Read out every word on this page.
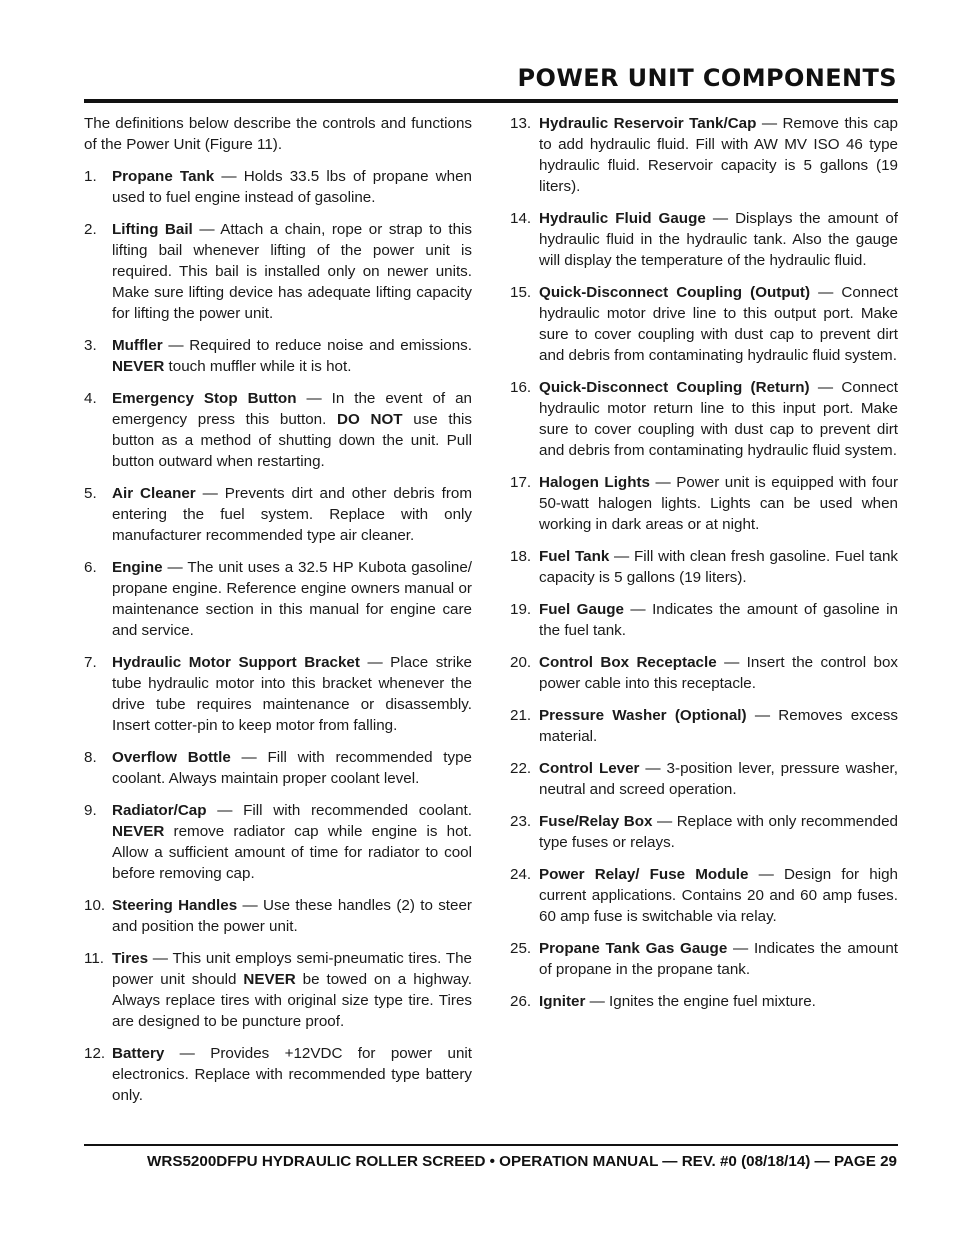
POWER UNIT COMPONENTS

The definitions below describe the controls and functions of the Power Unit (Figure 11).

1.	Propane Tank — Holds 33.5 lbs of propane when used to fuel engine instead of gasoline.
2.	Lifting Bail — Attach a chain, rope or strap to this lifting bail whenever lifting of the power unit is required. This bail is installed only on newer units. Make sure lifting device has adequate lifting capacity for lifting the power unit.
3.	Muffler — Required to reduce noise and emissions. NEVER touch muffler while it is hot.
4.	Emergency Stop Button — In the event of an emergency press this button. DO NOT use this button as a method of shutting down the unit. Pull button outward when restarting.
5.	Air Cleaner — Prevents dirt and other debris from entering the fuel system. Replace with only manufacturer recommended type air cleaner.
6.	Engine — The unit uses a 32.5 HP Kubota gasoline/ propane engine. Reference engine owners manual or maintenance section in this manual for engine care and service.
7.	Hydraulic Motor Support Bracket — Place strike tube hydraulic motor into this bracket whenever the drive tube requires maintenance or disassembly. Insert cotter-pin to keep motor from falling.
8.	Overflow Bottle — Fill with recommended type coolant. Always maintain proper coolant level.
9.	Radiator/Cap — Fill with recommended coolant. NEVER remove radiator cap while engine is hot. Allow a sufficient amount of time for radiator to cool before removing cap.
10. Steering Handles — Use these handles (2) to steer and position the power unit.
11. Tires — This unit employs semi-pneumatic tires. The power unit should NEVER be towed on a highway. Always replace tires with original size type tire. Tires are designed to be puncture proof.
12. Battery — Provides +12VDC for power unit electronics. Replace with recommended type battery only.
13. Hydraulic Reservoir Tank/Cap — Remove this cap to add hydraulic fluid. Fill with AW MV ISO 46 type hydraulic fluid. Reservoir capacity is 5 gallons (19 liters).
14. Hydraulic Fluid Gauge — Displays the amount of hydraulic fluid in the hydraulic tank. Also the gauge will display the temperature of the hydraulic fluid.
15. Quick-Disconnect Coupling (Output) — Connect hydraulic motor drive line to this output port. Make sure to cover coupling with dust cap to prevent dirt and debris from contaminating hydraulic fluid system.
16. Quick-Disconnect Coupling (Return) — Connect hydraulic motor return line to this input port. Make sure to cover coupling with dust cap to prevent dirt and debris from contaminating hydraulic fluid system.
17. Halogen Lights — Power unit is equipped with four 50-watt halogen lights. Lights can be used when working in dark areas or at night.
18. Fuel Tank — Fill with clean fresh gasoline. Fuel tank capacity is 5 gallons (19 liters).
19. Fuel Gauge — Indicates the amount of gasoline in the fuel tank.
20. Control Box Receptacle — Insert the control box power cable into this receptacle.
21. Pressure Washer (Optional) — Removes excess material.
22. Control Lever — 3-position lever, pressure washer, neutral and screed operation.
23. Fuse/Relay Box — Replace with only recommended type fuses or relays.
24. Power Relay/ Fuse Module — Design for high current applications. Contains 20 and 60 amp fuses. 60 amp fuse is switchable via relay.
25. Propane Tank Gas Gauge — Indicates the amount of propane in the propane tank.
26. Igniter — Ignites the engine fuel mixture.
WRS5200DFPU HYDRAULIC ROLLER SCREED • OPERATION MANUAL — REV. #0 (08/18/14) — PAGE 29
